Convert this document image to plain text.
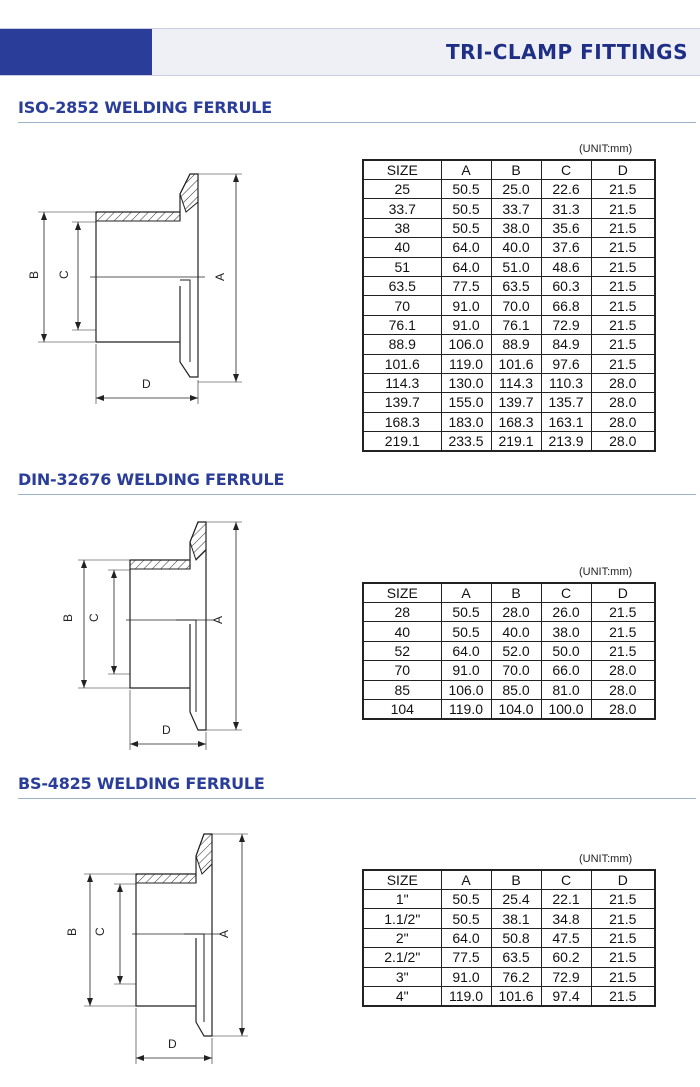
TRI-CLAMP FITTINGS
ISO-2852 WELDING FERRULE
B C	A
D
(UNIT:mm)
SIZE	A	B	C	D
25	50.5	25.0	22.6	21.5
33.7	50.5	33.7	31.3	21.5
38	50.5	38.0	35.6	21.5
40	64.0	40.0	37.6	21.5
51	64.0	51.0	48.6	21.5
63.5	77.5	63.5	60.3	21.5
70	91.0	70.0	66.8	21.5
76.1	91.0	76.1	72.9	21.5
88.9	106.0	88.9	84.9	21.5
101.6	119.0	101.6	97.6	21.5
114.3	130.0	114.3	110.3	28.0
139.7	155.0	139.7	135.7	28.0
168.3	183.0	168.3	163.1	28.0
219.1	233.5	219.1	213.9	28.0
DIN-32676 WELDING FERRULE
B C	A
D
(UNIT:mm)
SIZE	A	B	C	D
28	50.5	28.0	26.0	21.5
40	50.5	40.0	38.0	21.5
52	64.0	52.0	50.0	21.5
70	91.0	70.0	66.0	28.0
85	106.0	85.0	81.0	28.0
104	119.0	104.0	100.0	28.0
BS-4825 WELDING FERRULE
B C	A
D
(UNIT:mm)
SIZE	A	B	C	D
1"	50.5	25.4	22.1	21.5
1.1/2"	50.5	38.1	34.8	21.5
2"	64.0	50.8	47.5	21.5
2.1/2"	77.5	63.5	60.2	21.5
3"	91.0	76.2	72.9	21.5
4"	119.0	101.6	97.4	21.5
